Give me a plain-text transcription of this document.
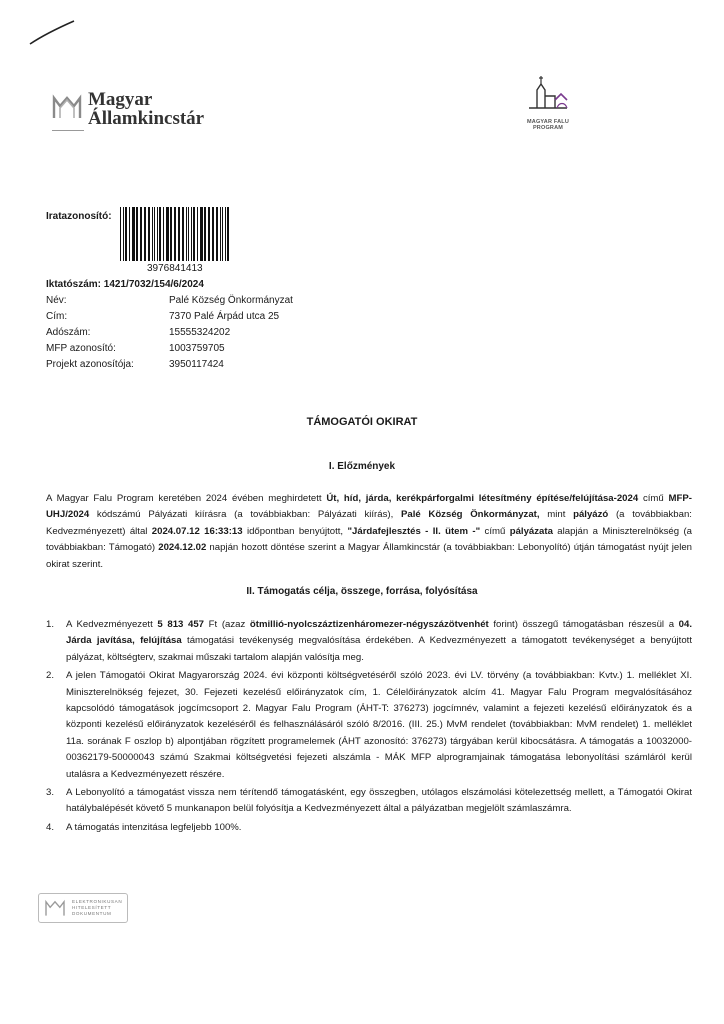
Magyar
Államkincstár	MAGYAR FALU
PROGRAM
Iratazonosító:
3976841413
Iktatószám: 1421/7032/154/6/2024
Név:	Palé Község Önkormányzat
Cím:	7370 Palé Árpád utca 25
Adószám:	15555324202
MFP azonosító:	1003759705
Projekt azonosítója:	3950117424
TÁMOGATÓI OKIRAT
I. Előzmények
A Magyar Falu Program keretében 2024 évében meghirdetett Út, híd, járda, kerékpárforgalmi létesítmény építése/felújítása-2024 című MFP-UHJ/2024 kódszámú Pályázati kiírásra (a továbbiakban: Pályázati kiírás), Palé Község Önkormányzat, mint pályázó (a továbbiakban: Kedvezményezett) által 2024.07.12 16:33:13 időpontban benyújtott, "Járdafejlesztés - II. ütem -" című pályázata alapján a Miniszterelnökség (a továbbiakban: Támogató) 2024.12.02 napján hozott döntése szerint a Magyar Államkincstár (a továbbiakban: Lebonyolító) útján támogatást nyújt jelen okirat szerint.
II. Támogatás célja, összege, forrása, folyósítása
1.	A Kedvezményezett 5 813 457 Ft (azaz ötmillió-nyolcszáztizenháromezer-négyszázötvenhét forint) összegű támogatásban részesül a 04. Járda javítása, felújítása támogatási tevékenység megvalósítása érdekében. A Kedvezményezett a támogatott tevékenységet a benyújtott pályázat, költségterv, szakmai műszaki tartalom alapján valósítja meg.
2.	A jelen Támogatói Okirat Magyarország 2024. évi központi költségvetéséről szóló 2023. évi LV. törvény (a továbbiakban: Kvtv.) 1. melléklet XI. Miniszterelnökség fejezet, 30. Fejezeti kezelésű előirányzatok cím, 1. Célelőirányzatok alcím 41. Magyar Falu Program megvalósításához kapcsolódó támogatások jogcímcsoport 2. Magyar Falu Program (ÁHT-T: 376273) jogcímnév, valamint a fejezeti kezelésű előirányzatok és a központi kezelésű előirányzatok kezeléséről és felhasználásáról szóló 8/2016. (III. 25.) MvM rendelet (továbbiakban: MvM rendelet) 1. melléklet 11a. sorának F oszlop b) alpontjában rögzített programelemek (ÁHT azonosító: 376273) tárgyában kerül kibocsátásra. A támogatás a 10032000-00362179-50000043 számú Szakmai költségvetési fejezeti alszámla - MÁK MFP alprogramjainak támogatása lebonyolítási számláról kerül utalásra a Kedvezményezett részére.
3.	A Lebonyolító a támogatást vissza nem térítendő támogatásként, egy összegben, utólagos elszámolási kötelezettség mellett, a Támogatói Okirat hatálybalépését követő 5 munkanapon belül folyósítja a Kedvezményezett által a pályázatban megjelölt számlaszámra.
4.	A támogatás intenzitása legfeljebb 100%.
ELEKTRONIKUSAN
HITELESÍTETT
DOKUMENTUM
